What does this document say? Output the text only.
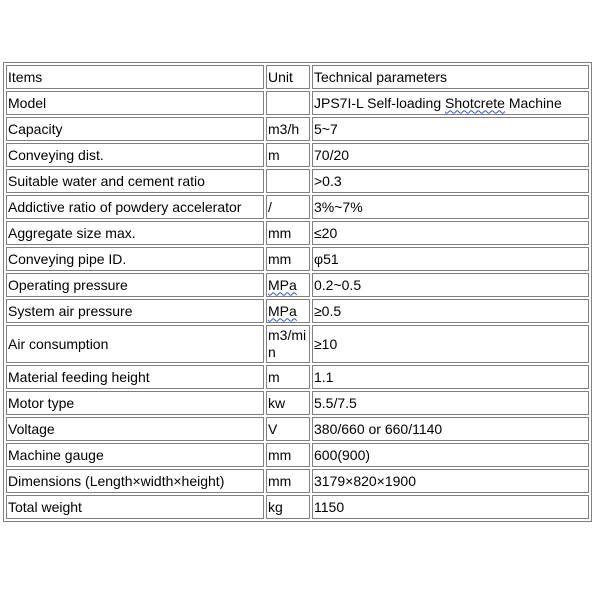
Items	Unit	Technical parameters
Model		JPS7I-L Self-loading Shotcrete Machine
Capacity	m3/h	5~7
Conveying dist.	m	70/20
Suitable water and cement ratio		>0.3
Addictive ratio of powdery accelerator	/	3%~7%
Aggregate size max.	mm	≤20
Conveying pipe ID.	mm	φ51
Operating pressure	MPa	0.2~0.5
System air pressure	MPa	≥0.5
Air consumption	m3/min	≥10
Material feeding height	m	1.1
Motor type	kw	5.5/7.5
Voltage	V	380/660 or 660/1140
Machine gauge	mm	600(900)
Dimensions (Length×width×height)	mm	3179×820×1900
Total weight	kg	1150
